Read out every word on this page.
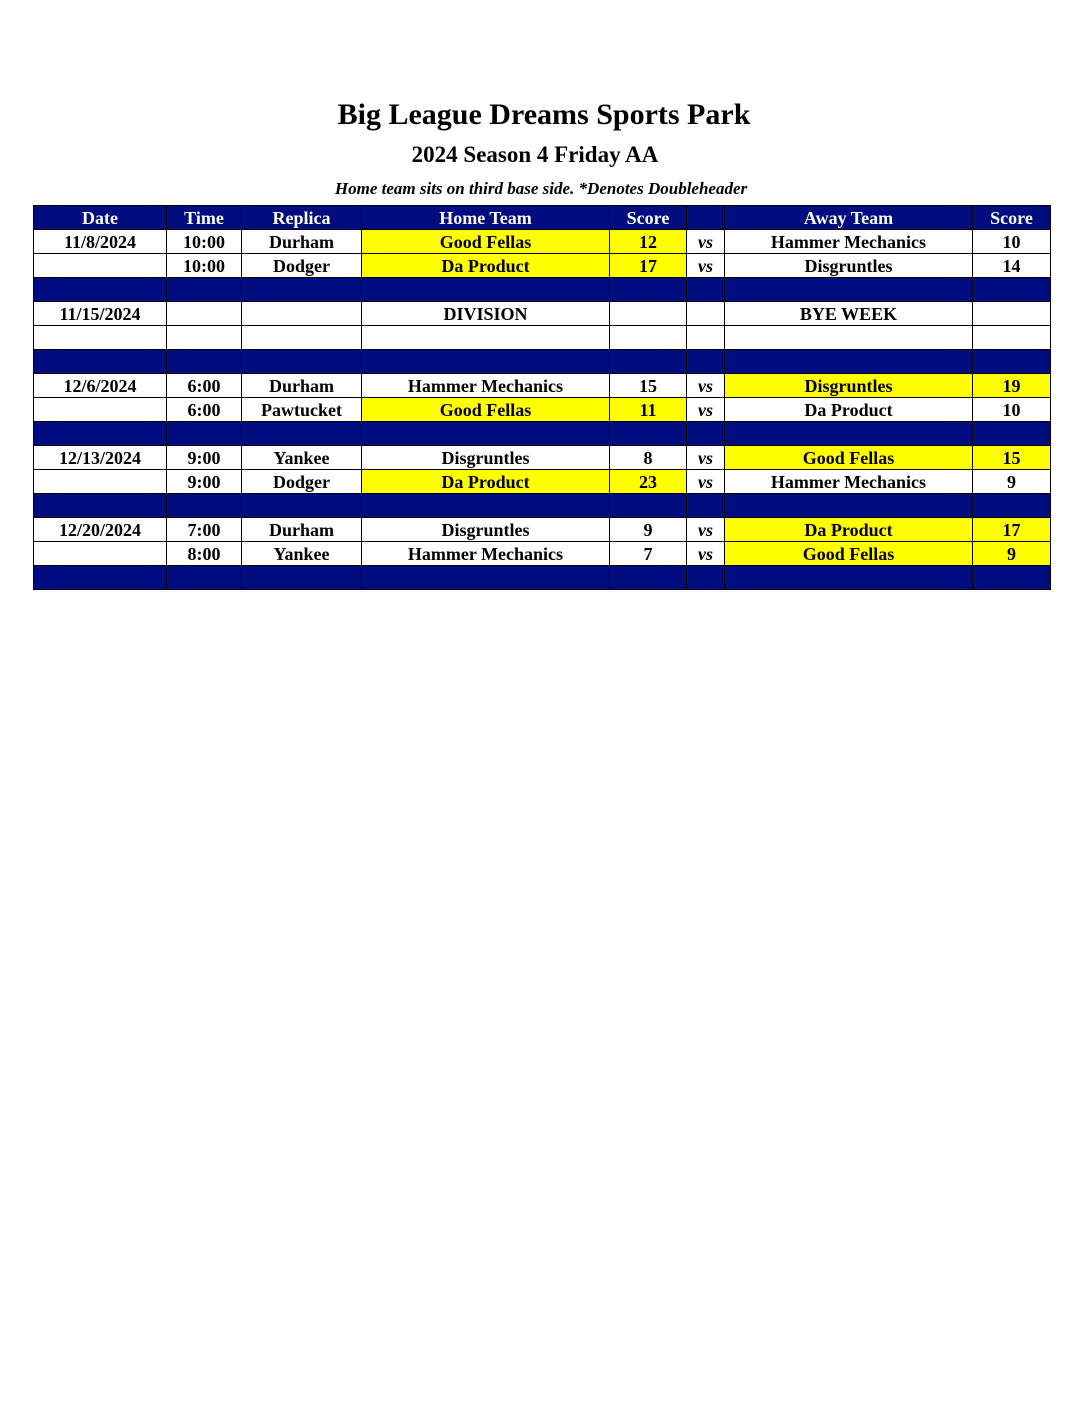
Big League Dreams Sports Park
2024 Season 4 Friday AA
Home team sits on third base side. *Denotes Doubleheader
Date	Time	Replica	Home Team	Score		Away Team	Score
11/8/2024	10:00	Durham	Good Fellas	12	vs	Hammer Mechanics	10
	10:00	Dodger	Da Product	17	vs	Disgruntles	14

11/15/2024			DIVISION			BYE WEEK	

12/6/2024	6:00	Durham	Hammer Mechanics	15	vs	Disgruntles	19
	6:00	Pawtucket	Good Fellas	11	vs	Da Product	10

12/13/2024	9:00	Yankee	Disgruntles	8	vs	Good Fellas	15
	9:00	Dodger	Da Product	23	vs	Hammer Mechanics	9

12/20/2024	7:00	Durham	Disgruntles	9	vs	Da Product	17
	8:00	Yankee	Hammer Mechanics	7	vs	Good Fellas	9
